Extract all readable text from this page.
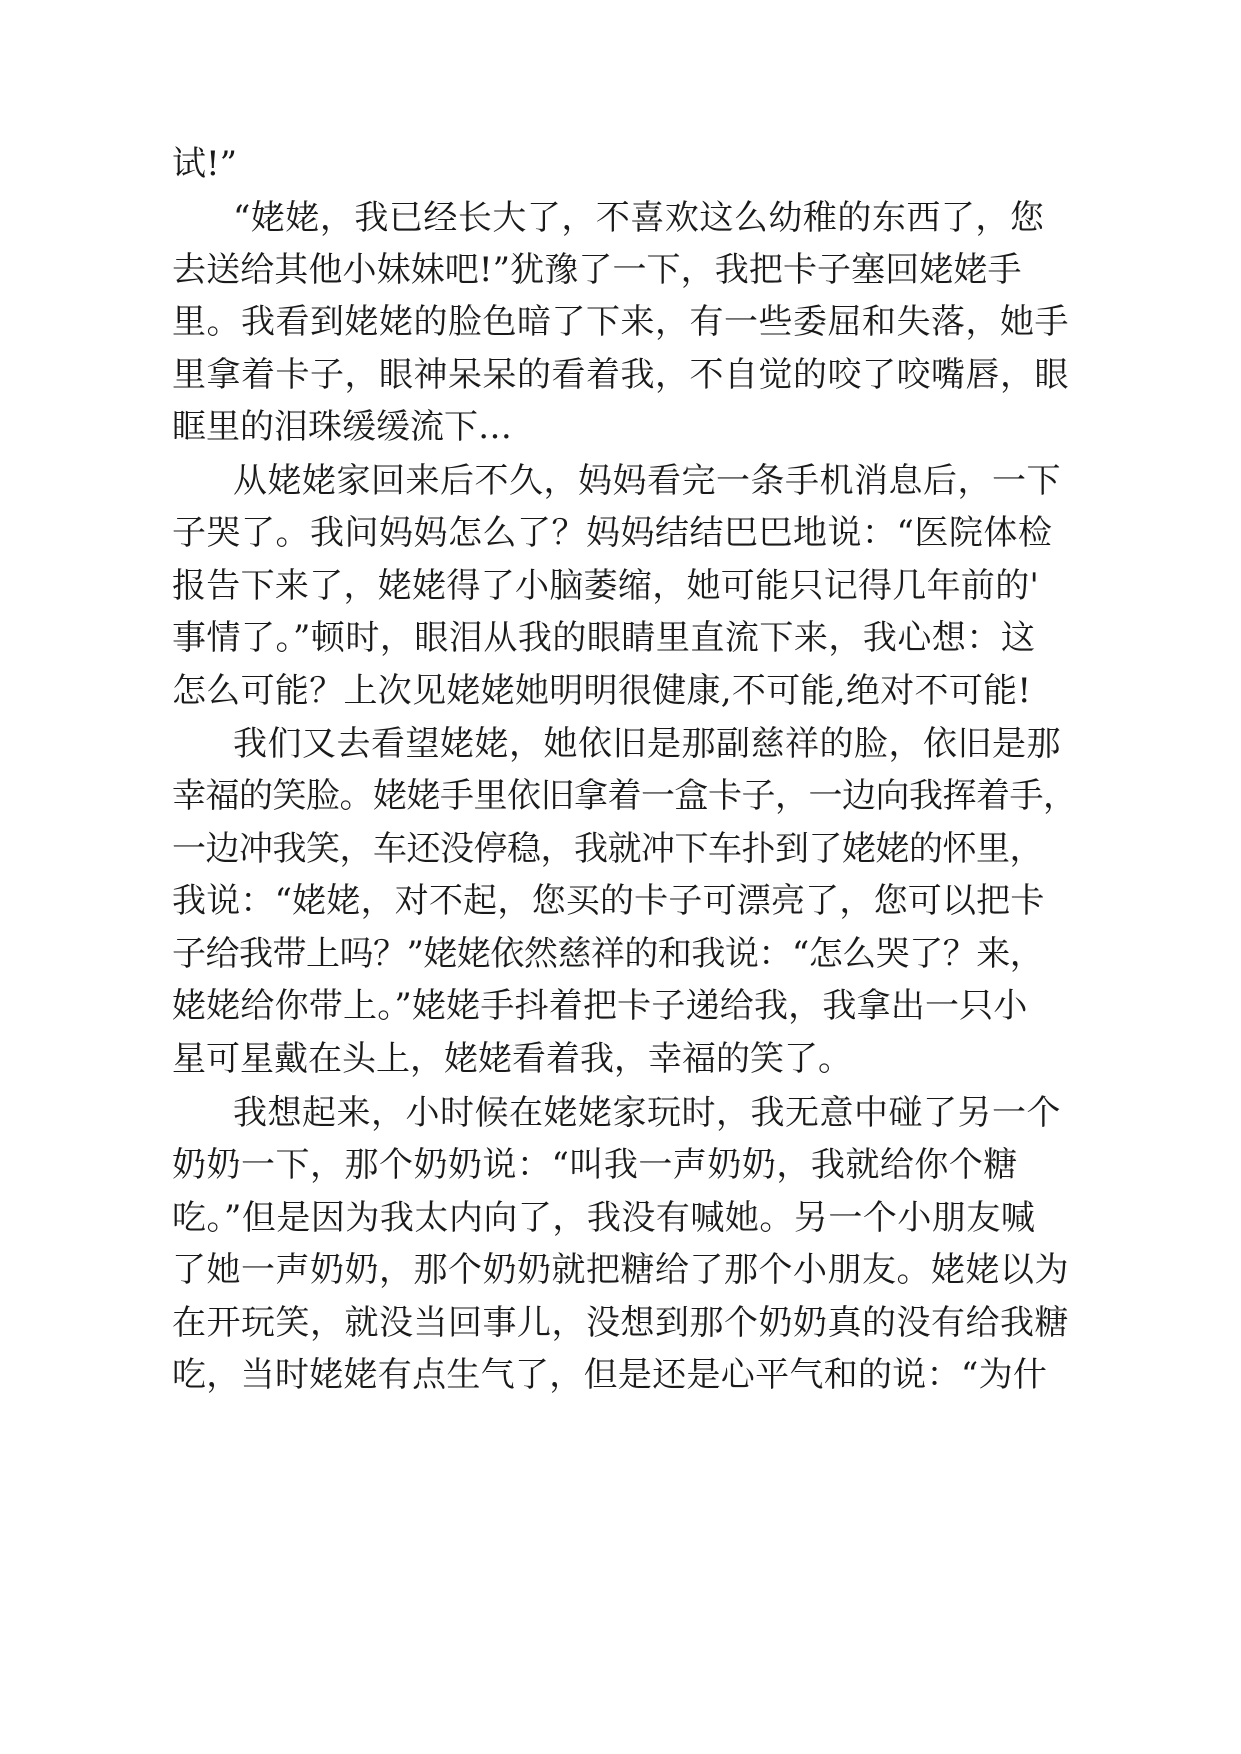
试!”

“姥姥，我已经长大了，不喜欢这么幼稚的东西了，您

去送给其他小妹妹吧!”犹豫了一下，我把卡子塞回姥姥手

里。我看到姥姥的脸色暗了下来，有一些委屈和失落，她手

里拿着卡子，眼神呆呆的看着我，不自觉的咬了咬嘴唇，眼

眶里的泪珠缓缓流下…

从姥姥家回来后不久，妈妈看完一条手机消息后，一下

子哭了。我问妈妈怎么了？妈妈结结巴巴地说：“医院体检

报告下来了，姥姥得了小脑萎缩，她可能只记得几年前的'

事情了。”顿时，眼泪从我的眼睛里直流下来，我心想：这

怎么可能？上次见姥姥她明明很健康,不可能,绝对不可能!

我们又去看望姥姥，她依旧是那副慈祥的脸，依旧是那

幸福的笑脸。姥姥手里依旧拿着一盒卡子，一边向我挥着手，

一边冲我笑，车还没停稳，我就冲下车扑到了姥姥的怀里，

我说：“姥姥，对不起，您买的卡子可漂亮了，您可以把卡

子给我带上吗？”姥姥依然慈祥的和我说：“怎么哭了？来，

姥姥给你带上。”姥姥手抖着把卡子递给我，我拿出一只小

星可星戴在头上，姥姥看着我，幸福的笑了。

我想起来，小时候在姥姥家玩时，我无意中碰了另一个

奶奶一下，那个奶奶说：“叫我一声奶奶，我就给你个糖

吃。”但是因为我太内向了，我没有喊她。另一个小朋友喊

了她一声奶奶，那个奶奶就把糖给了那个小朋友。姥姥以为

在开玩笑，就没当回事儿，没想到那个奶奶真的没有给我糖

吃，当时姥姥有点生气了，但是还是心平气和的说：“为什
